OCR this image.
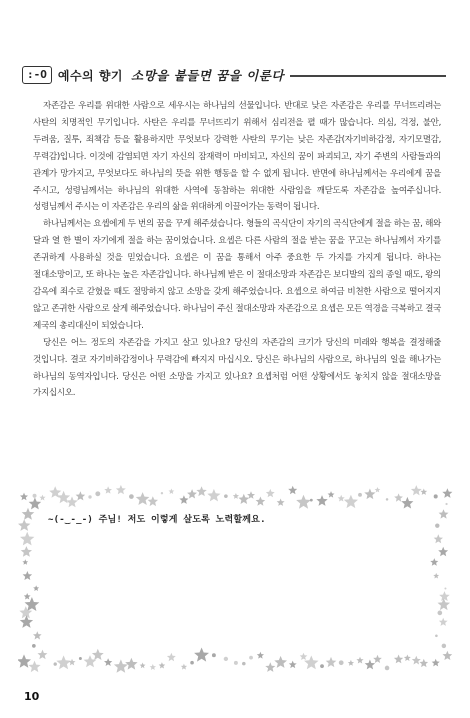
:-O 예수의 향기 소망을 붙들면 꿈을 이룬다

자존감은 우리를 위대한 사람으로 세우시는 하나님의 선물입니다. 반대로 낮은 자존감은 우리를 무너뜨리려는 사탄의 치명적인 무기입니다. 사탄은 우리를 무너뜨리기 위해서 심리전을 펼 때가 많습니다. 의심, 걱정, 불안, 두려움, 질투, 죄책감 등을 활용하지만 무엇보다 강력한 사탄의 무기는 낮은 자존감(자기비하감정, 자기모멸감, 무력감)입니다. 이것에 감염되면 자기 자신의 잠재력이 마비되고, 자신의 꿈이 파괴되고, 자기 주변의 사람들과의 관계가 망가지고, 무엇보다도 하나님의 뜻을 위한 행동을 할 수 없게 됩니다. 반면에 하나님께서는 우리에게 꿈을 주시고, 성령님께서는 하나님의 위대한 사역에 동참하는 위대한 사람임을 깨닫도록 자존감을 높여주십니다. 성령님께서 주시는 이 자존감은 우리의 삶을 위대하게 이끌어가는 동력이 됩니다.

하나님께서는 요셉에게 두 번의 꿈을 꾸게 해주셨습니다. 형들의 곡식단이 자기의 곡식단에게 절을 하는 꿈, 해와 달과 열 한 별이 자기에게 절을 하는 꿈이었습니다. 요셉은 다른 사람의 절을 받는 꿈을 꾸고는 하나님께서 자기를 존귀하게 사용하실 것을 믿었습니다. 요셉은 이 꿈을 통해서 아주 중요한 두 가지를 가지게 됩니다. 하나는 절대소망이고, 또 하나는 높은 자존감입니다. 하나님께 받은 이 절대소망과 자존감은 보디발의 집의 종일 때도, 왕의 감옥에 죄수로 갇혔을 때도 절망하지 않고 소망을 갖게 해주었습니다. 요셉으로 하여금 비천한 사람으로 떨어지지 않고 존귀한 사람으로 살게 해주었습니다. 하나님이 주신 절대소망과 자존감으로 요셉은 모든 역경을 극복하고 결국 제국의 총리대신이 되었습니다.

당신은 어느 정도의 자존감을 가지고 살고 있나요? 당신의 자존감의 크기가 당신의 미래와 행복을 결정해줄 것입니다. 결코 자기비하감정이나 무력감에 빠지지 마십시오. 당신은 하나님의 사람으로, 하나님의 일을 해나가는 하나님의 동역자입니다. 당신은 어떤 소망을 가지고 있나요? 요셉처럼 어떤 상황에서도 놓치지 않을 절대소망을 가지십시오.

~(-‿-_-) 주님! 저도 이렇게 살도록 노력할께요.
10
